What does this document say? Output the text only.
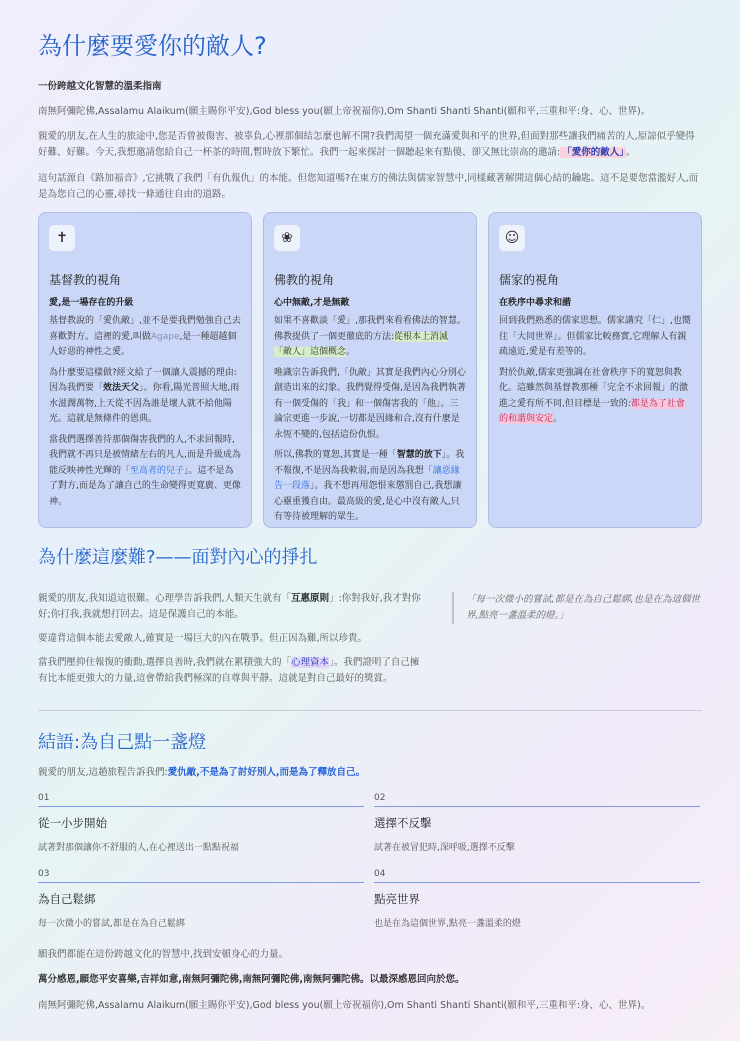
為什麼要愛你的敵人?
一份跨越文化智慧的溫柔指南
南無阿彌陀佛,Assalamu Alaikum(願主賜你平安),God bless you(願上帝祝福你),Om Shanti Shanti Shanti(願和平,三重和平:身、心、世界)。
親愛的朋友,在人生的旅途中,您是否曾被傷害、被辜負,心裡那個結怎麼也解不開?我們渴望一個充滿愛與和平的世界,但面對那些讓我們痛苦的人,原諒似乎變得好難、好難。今天,我想邀請您給自己一杯茶的時間,暫時放下繁忙。我們一起來探討一個聽起來有點傻、卻又無比崇高的邀請: 「愛你的敵人」 。
這句話源自《路加福音》,它挑戰了我們「有仇報仇」的本能。但您知道嗎?在東方的佛法與儒家智慧中,同樣藏著解開這個心結的鑰匙。這不是要您當濫好人,而是為您自己的心靈,尋找一條通往自由的道路。
✝
基督教的視角
愛,是一場存在的升級

基督教說的「愛仇敵」,並不是要我們勉強自己去喜歡對方。這裡的愛,叫做Agape,是一種超越個人好惡的神性之愛。

為什麼要這樣做?經文給了一個讓人震撼的理由:因為我們要「效法天父」。你看,陽光普照大地,雨水滋潤萬物,上天從不因為誰是壞人就不給他陽光。這就是無條件的恩典。

當我們選擇善待那個傷害我們的人,不求回報時,我們就不再只是被情緒左右的凡人,而是升級成為能反映神性光輝的「至高者的兒子」。這不是為了對方,而是為了讓自己的生命變得更寬廣、更像神。

❀
佛教的視角
心中無敵,才是無敵

如果不喜歡談「愛」,那我們來看看佛法的智慧。佛教提供了一個更徹底的方法:從根本上消滅「敵人」這個概念。

唯識宗告訴我們,「仇敵」其實是我們內心分別心創造出來的幻象。我們覺得受傷,是因為我們執著有一個受傷的「我」和一個傷害我的「他」。三論宗更進一步說,一切都是因緣和合,沒有什麼是永恆不變的,包括這份仇恨。

所以,佛教的寬恕,其實是一種「智慧的放下」。我不報復,不是因為我軟弱,而是因為我想「讓惡緣告一段落」。我不想再用怨恨來懲罰自己,我想讓心靈重獲自由。最高級的愛,是心中沒有敵人,只有等待被理解的眾生。

☺
儒家的視角
在秩序中尋求和諧

回到我們熟悉的儒家思想。儒家講究「仁」,也嚮往「大同世界」。但儒家比較務實,它理解人有親疏遠近,愛是有差等的。

對於仇敵,儒家更強調在社會秩序下的寬恕與教化。這雖然與基督教那種「完全不求回報」的激進之愛有所不同,但目標是一致的:都是為了社會的和諧與安定。

為什麼這麼難?——面對內心的掙扎
親愛的朋友,我知道這很難。心理學告訴我們,人類天生就有「互惠原則」:你對我好,我才對你好;你打我,我就想打回去。這是保護自己的本能。
要違背這個本能去愛敵人,確實是一場巨大的內在戰爭。但正因為難,所以珍貴。
當我們壓抑住報復的衝動,選擇良善時,我們就在累積強大的「心理資本」。我們證明了自己擁有比本能更強大的力量,這會帶給我們極深的自尊與平靜。這就是對自己最好的獎賞。
「每一次微小的嘗試,都是在為自己鬆綁,也是在為這個世界,點亮一盞溫柔的燈。」
結語:為自己點一盞燈
親愛的朋友,這趟旅程告訴我們:愛仇敵,不是為了討好別人,而是為了釋放自己。
01
從一小步開始
試著對那個讓你不舒服的人,在心裡送出一點點祝福
02
選擇不反擊
試著在被冒犯時,深呼吸,選擇不反擊
03
為自己鬆綁
每一次微小的嘗試,都是在為自己鬆綁
04
點亮世界
也是在為這個世界,點亮一盞溫柔的燈
願我們都能在這份跨越文化的智慧中,找到安頓身心的力量。
萬分感恩,願您平安喜樂,吉祥如意,南無阿彌陀佛,南無阿彌陀佛,南無阿彌陀佛。以最深感恩回向於您。
南無阿彌陀佛,Assalamu Alaikum(願主賜你平安),God bless you(願上帝祝福你),Om Shanti Shanti Shanti(願和平,三重和平:身、心、世界)。
